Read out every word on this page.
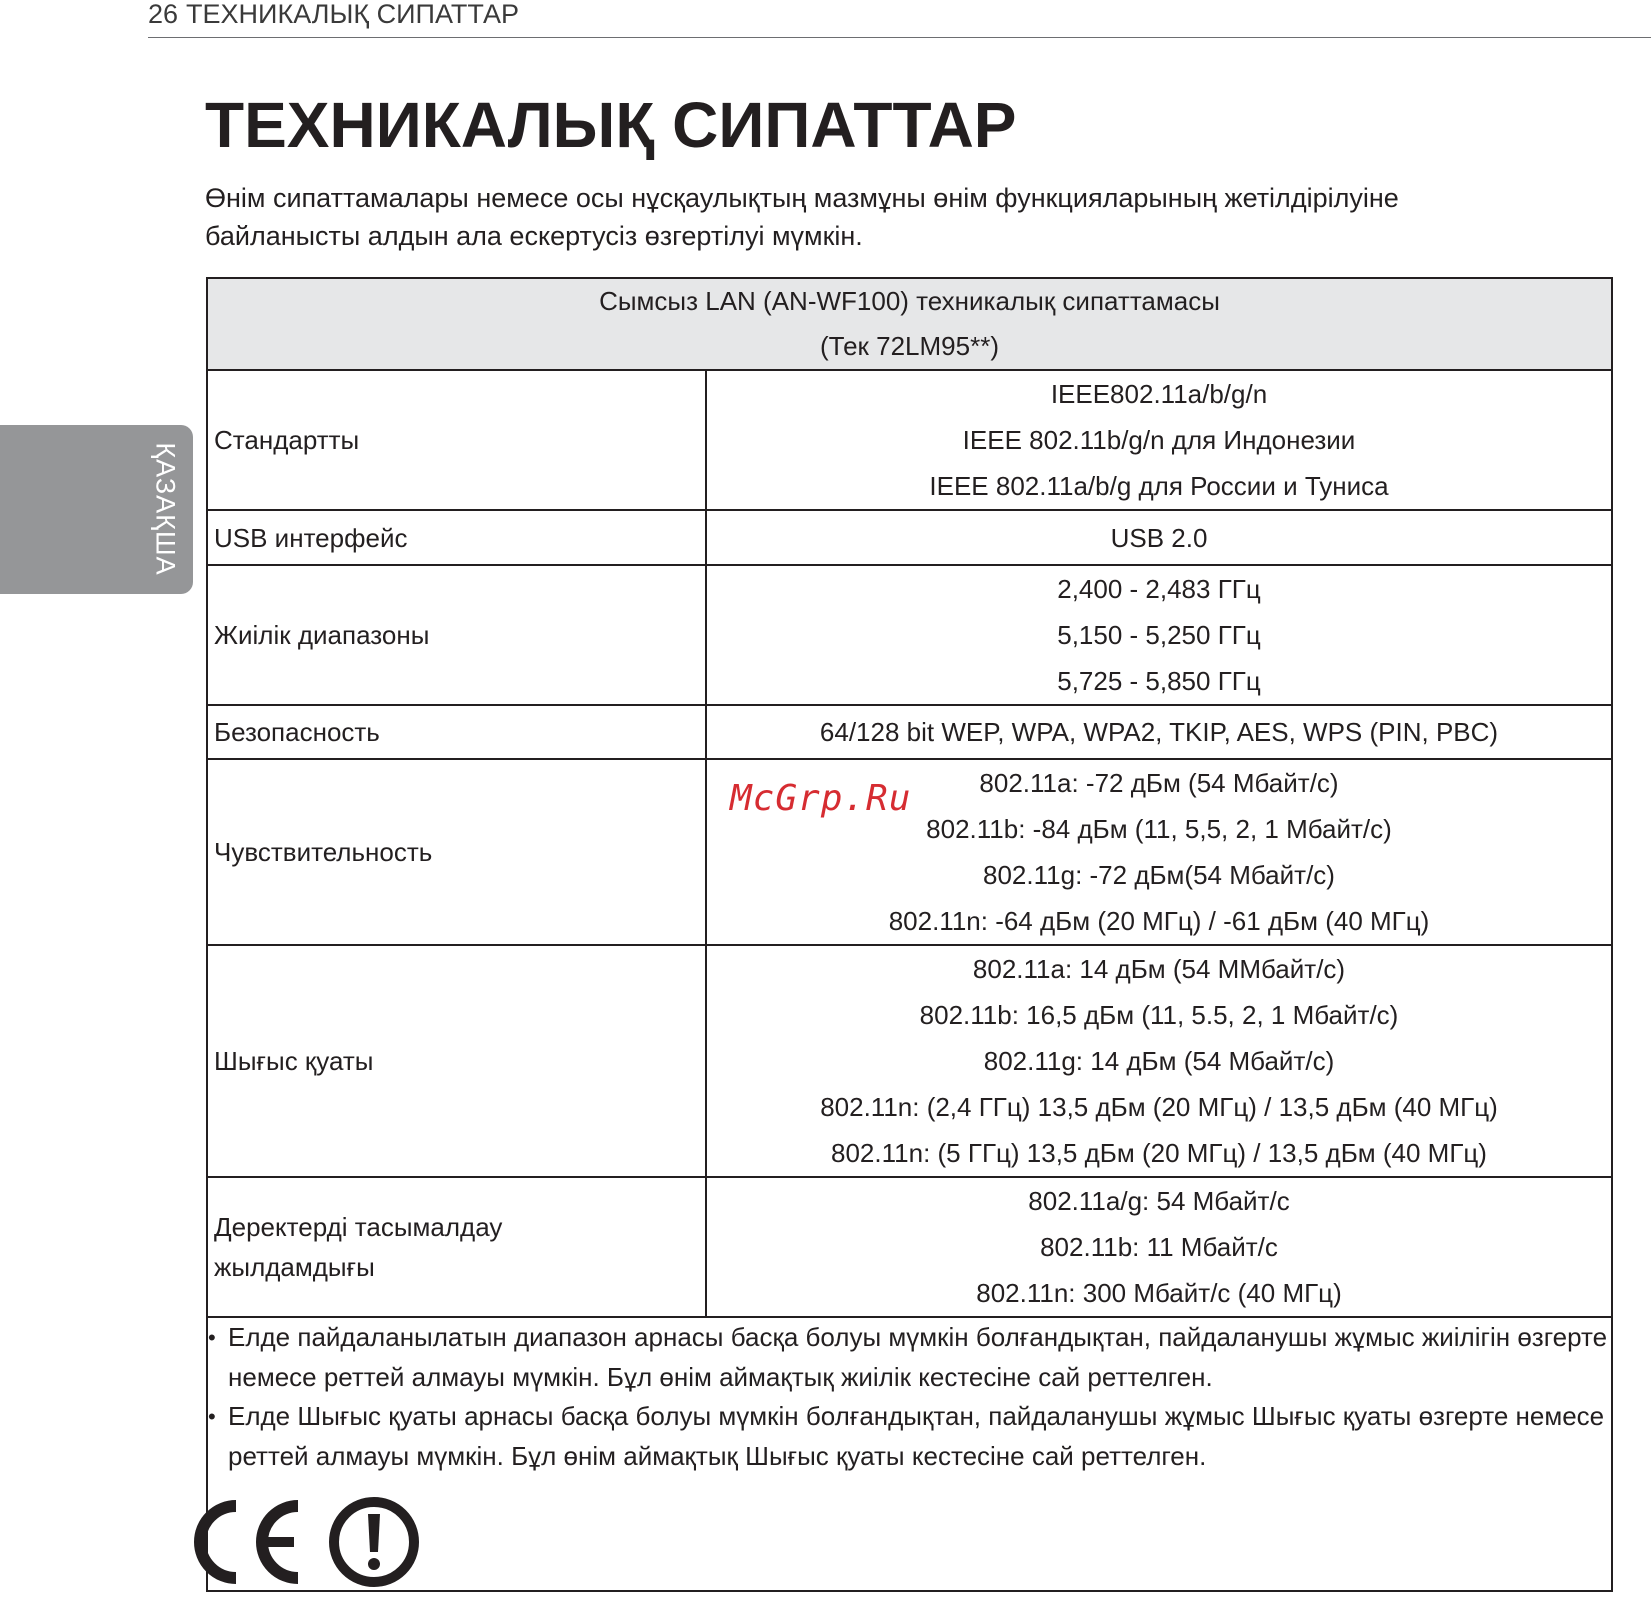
26 ТЕХНИКАЛЫҚ СИПАТТАР
ҚАЗАҚША
ТЕХНИКАЛЫҚ СИПАТТАР

Өнім сипаттамалары немесе осы нұсқаулықтың мазмұны өнім функцияларының жетілдірілуіне

байланысты алдын ала ескертусіз өзгертілуі мүмкін.

Сымсыз LAN (AN-WF100) техникалық сипаттамасы
(Тек 72LM95**)	

Стандартты	IEEE802.11a/b/g/n
IEEE 802.11b/g/n для Индонезии
IEEE 802.11a/b/g для России и Туниса

USB интерфейс	USB 2.0

Жиілік диапазоны	2,400 - 2,483 ГГц
5,150 - 5,250 ГГц
5,725 - 5,850 ГГц

Безопасность	64/128 bit WEP, WPA, WPA2, TKIP, AES, WPS (PIN, PBC)

Чувствительность	802.11a: -72 дБм (54 Мбайт/с)
802.11b: -84 дБм (11, 5,5, 2, 1 Мбайт/с)
802.11g: -72 дБм(54 Мбайт/с)
802.11n: -64 дБм (20 МГц) / -61 дБм (40 МГц)

Шығыс қуаты	802.11a: 14 дБм (54 ММбайт/с)
802.11b: 16,5 дБм (11, 5.5, 2, 1 Мбайт/с)
802.11g: 14 дБм (54 Мбайт/с)
802.11n: (2,4 ГГц) 13,5 дБм (20 МГц) / 13,5 дБм (40 МГц)
802.11n: (5 ГГц) 13,5 дБм (20 МГц) / 13,5 дБм (40 МГц)

Деректерді тасымалдау жылдамдығы	802.11a/g: 54 Мбайт/с
802.11b: 11 Мбайт/с
802.11n: 300 Мбайт/с (40 МГц)

• Елде пайдаланылатын диапазон арнасы басқа болуы мүмкін болғандықтан, пайдаланушы жұмыс жиілігін өзгерте немесе реттей алмауы мүмкін. Бұл өнім аймақтық жиілік кестесіне сай реттелген.

• Елде Шығыс қуаты арнасы басқа болуы мүмкін болғандықтан, пайдаланушы жұмыс Шығыс қуаты өзгерте немесе реттей алмауы мүмкін. Бұл өнім аймақтық Шығыс қуаты кестесіне сай реттелген.	

McGrp.Ru
